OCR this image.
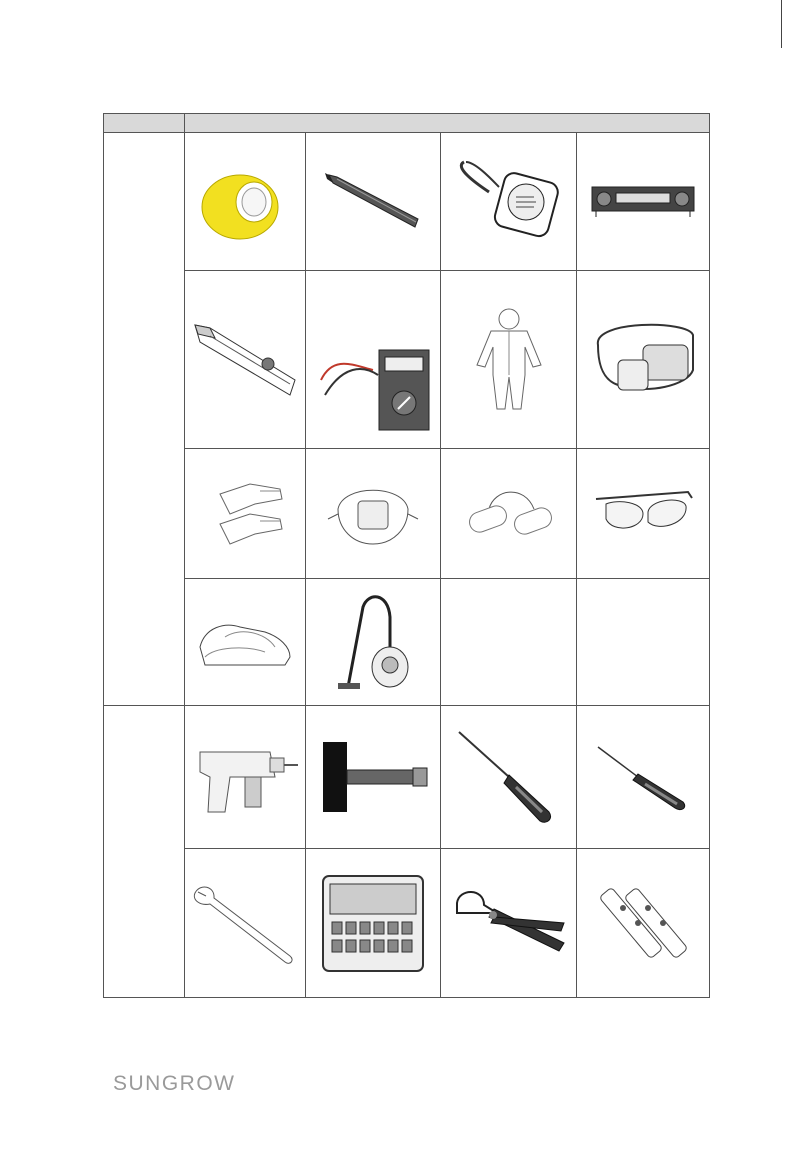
SUNGROW
